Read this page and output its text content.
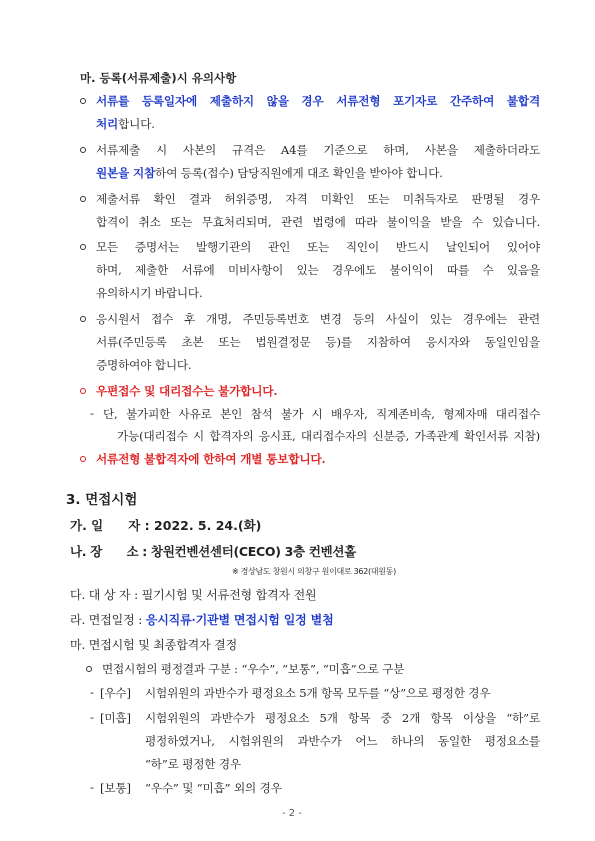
마. 등록(서류제출)시 유의사항
서류를 등록일자에 제출하지 않을 경우 서류전형 포기자로 간주하여 불합격
처리합니다.
서류제출 시 사본의 규격은 A4를 기준으로 하며, 사본을 제출하더라도
원본을 지참하여 등록(접수) 담당직원에게 대조 확인을 받아야 합니다.
제출서류 확인 결과 허위증명, 자격 미확인 또는 미취득자로 판명될 경우
합격이 취소 또는 무효처리되며, 관련 법령에 따라 불이익을 받을 수 있습니다.
모든 증명서는 발행기관의 관인 또는 직인이 반드시 날인되어 있어야
하며, 제출한 서류에 미비사항이 있는 경우에도 불이익이 따를 수 있음을
유의하시기 바랍니다.
응시원서 접수 후 개명, 주민등록번호 변경 등의 사실이 있는 경우에는 관련
서류(주민등록 초본 또는 법원결정문 등)를 지참하여 응시자와 동일인임을
증명하여야 합니다.
우편접수 및 대리접수는 불가합니다.
- 단, 불가피한 사유로 본인 참석 불가 시 배우자, 직계존비속, 형제자매 대리접수
가능(대리접수 시 합격자의 응시표, 대리접수자의 신분증, 가족관계 확인서류 지참)
서류전형 불합격자에 한하여 개별 통보합니다.
3. 면접시험
가. 일　　자 : 2022. 5. 24.(화)
나. 장　　소 : 창원컨벤션센터(CECO) 3층 컨벤션홀
※ 경상남도 창원시 의창구 원이대로 362(대원동)
다. 대 상 자 : 필기시험 및 서류전형 합격자 전원
라. 면접일정 : 응시직류·기관별 면접시험 일정 별첨
마. 면접시험 및 최종합격자 결정
면접시험의 평정결과 구분 : “우수”, “보통”, “미흡”으로 구분
- [우수] 시험위원의 과반수가 평정요소 5개 항목 모두를 “상”으로 평정한 경우
- [미흡] 시험위원의 과반수가 평정요소 5개 항목 중 2개 항목 이상을 “하”로
평정하였거나, 시험위원의 과반수가 어느 하나의 동일한 평정요소를
“하”로 평정한 경우
- [보통] “우수” 및 “미흡” 외의 경우
- 2 -
